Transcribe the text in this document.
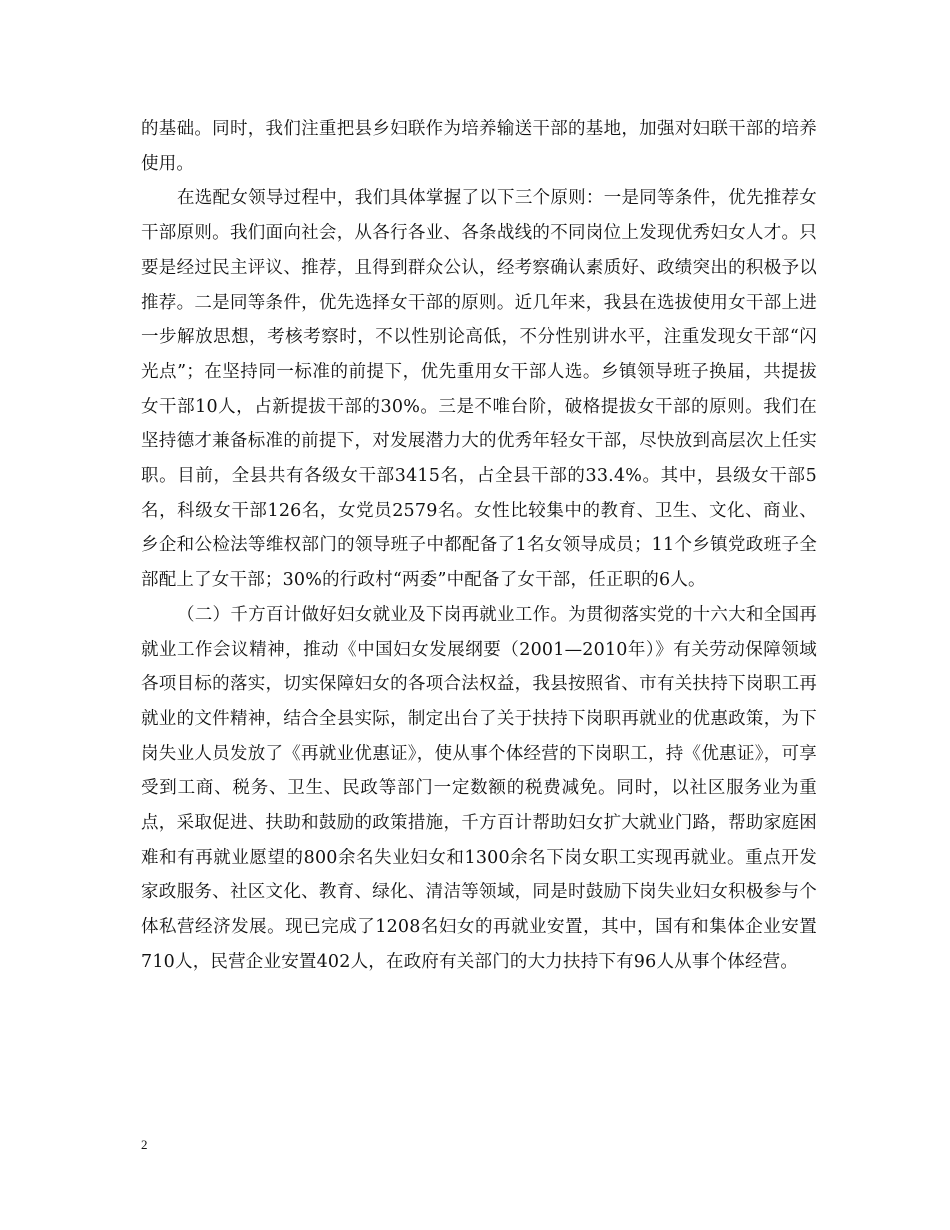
的基础。同时，我们注重把县乡妇联作为培养输送干部的基地，加强对妇联干部的培养使用。

在选配女领导过程中，我们具体掌握了以下三个原则：一是同等条件，优先推荐女干部原则。我们面向社会，从各行各业、各条战线的不同岗位上发现优秀妇女人才。只要是经过民主评议、推荐，且得到群众公认，经考察确认素质好、政绩突出的积极予以推荐。二是同等条件，优先选择女干部的原则。近几年来，我县在选拔使用女干部上进一步解放思想，考核考察时，不以性别论高低，不分性别讲水平，注重发现女干部“闪光点”；在坚持同一标准的前提下，优先重用女干部人选。乡镇领导班子换届，共提拔女干部10人，占新提拔干部的30%。三是不唯台阶，破格提拔女干部的原则。我们在坚持德才兼备标准的前提下，对发展潜力大的优秀年轻女干部，尽快放到高层次上任实职。目前，全县共有各级女干部3415名，占全县干部的33.4%。其中，县级女干部5名，科级女干部126名，女党员2579名。女性比较集中的教育、卫生、文化、商业、乡企和公检法等维权部门的领导班子中都配备了1名女领导成员；11个乡镇党政班子全部配上了女干部；30%的行政村“两委”中配备了女干部，任正职的6人。

（二）千方百计做好妇女就业及下岗再就业工作。为贯彻落实党的十六大和全国再就业工作会议精神，推动《中国妇女发展纲要（2001—2010年）》有关劳动保障领域各项目标的落实，切实保障妇女的各项合法权益，我县按照省、市有关扶持下岗职工再就业的文件精神，结合全县实际，制定出台了关于扶持下岗职再就业的优惠政策，为下岗失业人员发放了《再就业优惠证》，使从事个体经营的下岗职工，持《优惠证》，可享受到工商、税务、卫生、民政等部门一定数额的税费减免。同时，以社区服务业为重点，采取促进、扶助和鼓励的政策措施，千方百计帮助妇女扩大就业门路，帮助家庭困难和有再就业愿望的800余名失业妇女和1300余名下岗女职工实现再就业。重点开发家政服务、社区文化、教育、绿化、清洁等领域，同是时鼓励下岗失业妇女积极参与个体私营经济发展。现已完成了1208名妇女的再就业安置，其中，国有和集体企业安置710人，民营企业安置402人，在政府有关部门的大力扶持下有96人从事个体经营。

2
